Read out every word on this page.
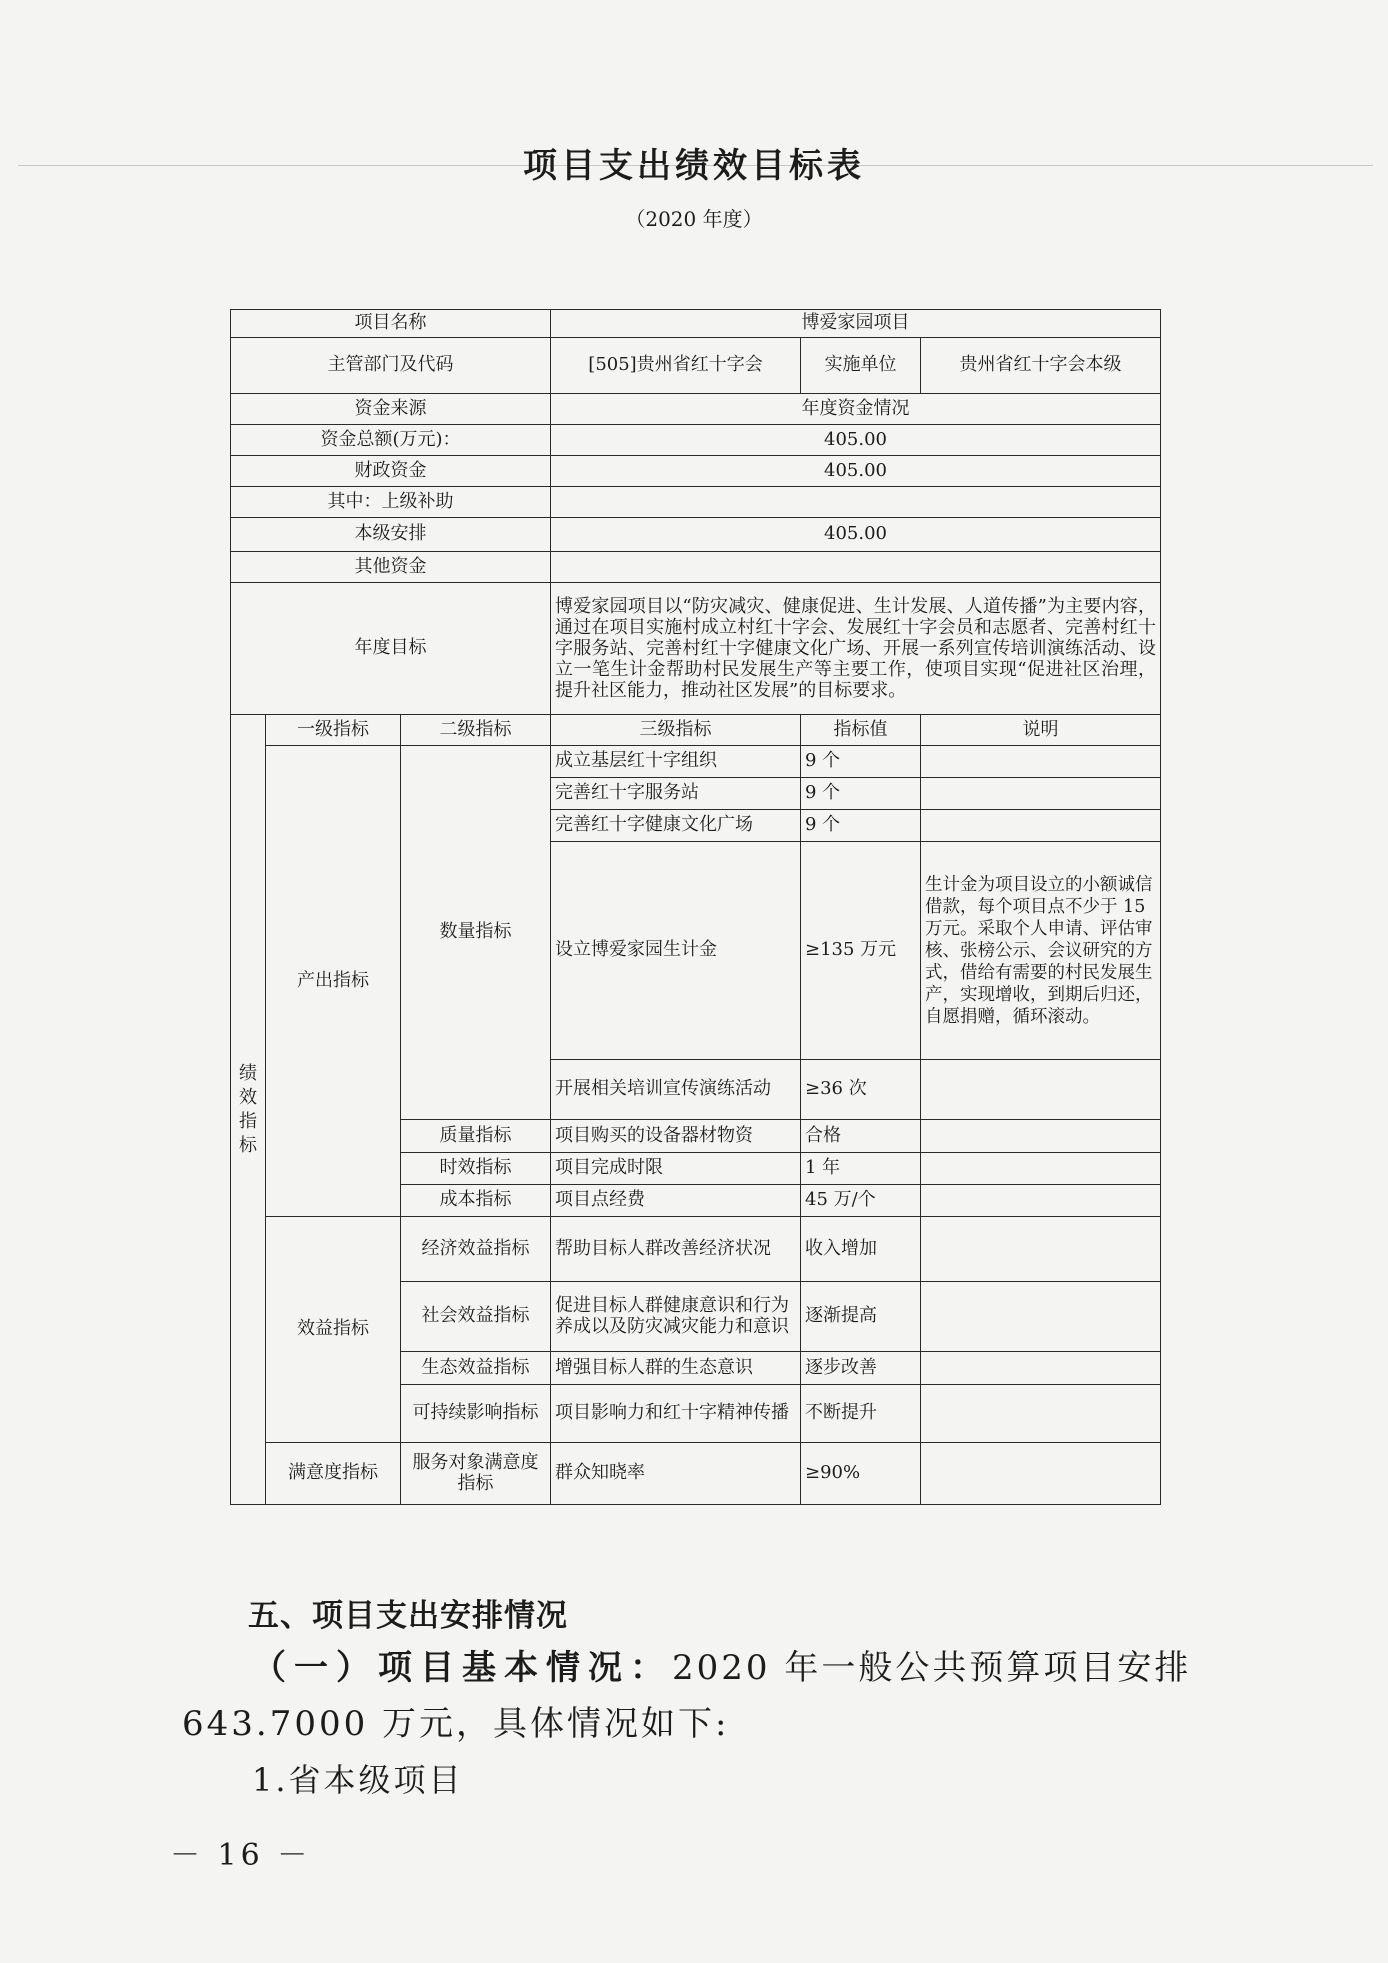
项目支出绩效目标表
（2020 年度）
项目名称			博爱家园项目		
主管部门及代码			[505]贵州省红十字会	实施单位	贵州省红十字会本级
资金来源			年度资金情况		
资金总额(万元)：			405.00		
财政资金			405.00		
其中：上级补助					
本级安排			405.00		
其他资金					
年度目标			博爱家园项目以“防灾减灾、健康促进、生计发展、人道传播”为主要内容，通过在项目实施村成立村红十字会、发展红十字会员和志愿者、完善村红十字服务站、完善村红十字健康文化广场、开展一系列宣传培训演练活动、设立一笔生计金帮助村民发展生产等主要工作，使项目实现“促进社区治理，提升社区能力，推动社区发展”的目标要求。		

绩效指标	一级指标	二级指标	三级指标	指标值	说明
	产出指标	数量指标	成立基层红十字组织	9 个	
			完善红十字服务站	9 个	
			完善红十字健康文化广场	9 个	
			设立博爱家园生计金	≥135 万元	生计金为项目设立的小额诚信借款，每个项目点不少于 15 万元。采取个人申请、评估审核、张榜公示、会议研究的方式，借给有需要的村民发展生产，实现增收，到期后归还，自愿捐赠，循环滚动。
			开展相关培训宣传演练活动	≥36 次	
		质量指标	项目购买的设备器材物资	合格	
		时效指标	项目完成时限	1 年	
		成本指标	项目点经费	45 万/个	
	效益指标	经济效益指标	帮助目标人群改善经济状况	收入增加	
		社会效益指标	促进目标人群健康意识和行为养成以及防灾减灾能力和意识	逐渐提高	
		生态效益指标	增强目标人群的生态意识	逐步改善	
		可持续影响指标	项目影响力和红十字精神传播	不断提升	
	满意度指标	服务对象满意度指标	群众知晓率	≥90%	
五、项目支出安排情况
（一）项目基本情况：2020 年一般公共预算项目安排 643.7000 万元，具体情况如下:
1.省本级项目
－ 16 －
